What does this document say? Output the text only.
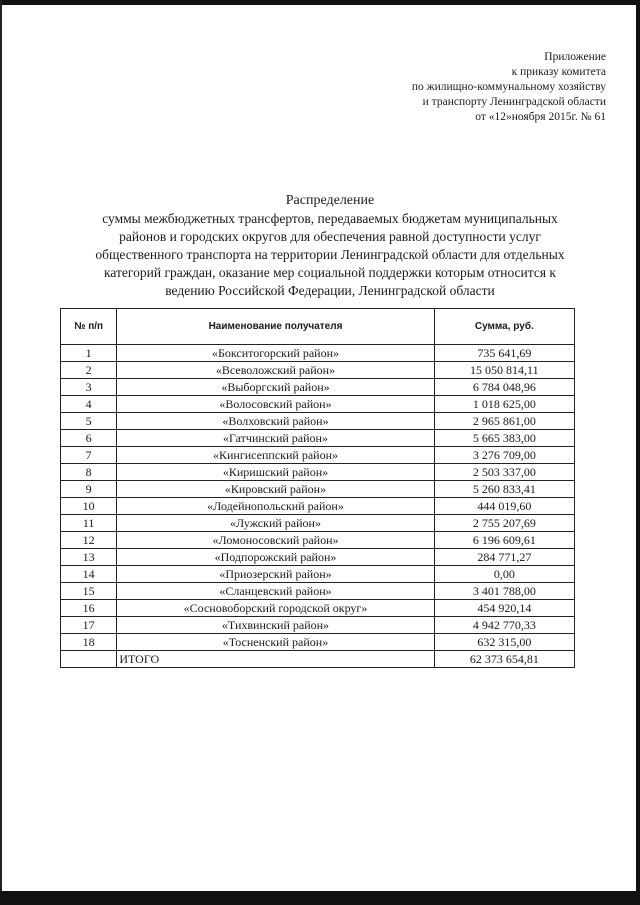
Приложение
к приказу комитета
по жилищно-коммунальному хозяйству
и транспорту Ленинградской области
от «12»ноября 2015г. № 61
Распределение
суммы межбюджетных трансфертов, передаваемых бюджетам муниципальных
районов и городских округов для обеспечения равной доступности услуг
общественного транспорта на территории Ленинградской области для отдельных
категорий граждан, оказание мер социальной поддержки которым относится к
ведению Российской Федерации, Ленинградской области
№ п/п	Наименование получателя	Сумма, руб.
1	«Бокситогорский район»	735 641,69
2	«Всеволожский район»	15 050 814,11
3	«Выборгский район»	6 784 048,96
4	«Волосовский район»	1 018 625,00
5	«Волховский район»	2 965 861,00
6	«Гатчинский район»	5 665 383,00
7	«Кингисеппский район»	3 276 709,00
8	«Киришский район»	2 503 337,00
9	«Кировский район»	5 260 833,41
10	«Лодейнопольский район»	444 019,60
11	«Лужский район»	2 755 207,69
12	«Ломоносовский район»	6 196 609,61
13	«Подпорожский район»	284 771,27
14	«Приозерский район»	0,00
15	«Сланцевский район»	3 401 788,00
16	«Сосновоборский городской округ»	454 920,14
17	«Тихвинский район»	4 942 770,33
18	«Тосненский район»	632 315,00
	ИТОГО	62 373 654,81
